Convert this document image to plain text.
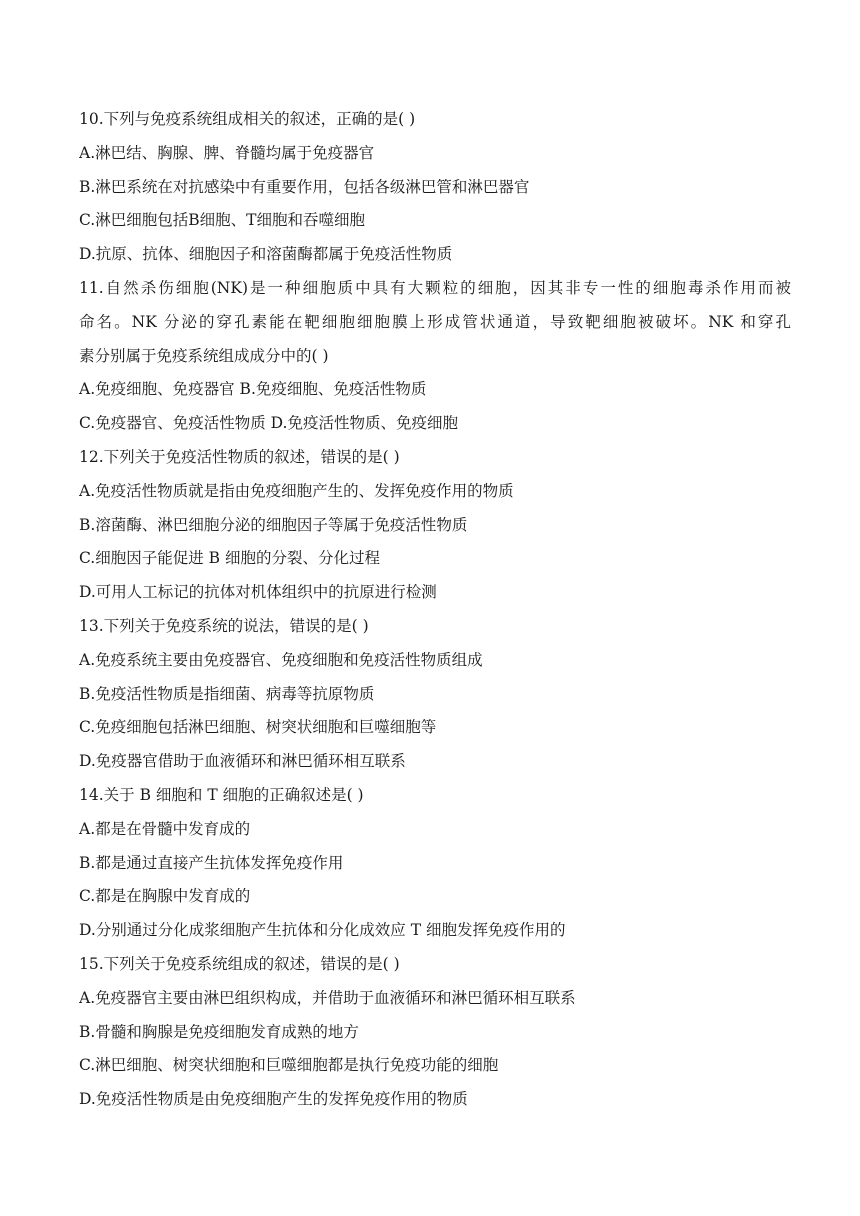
10.下列与免疫系统组成相关的叙述，正确的是( )
A.淋巴结、胸腺、脾、脊髓均属于免疫器官
B.淋巴系统在对抗感染中有重要作用，包括各级淋巴管和淋巴器官
C.淋巴细胞包括B细胞、T细胞和吞噬细胞
D.抗原、抗体、细胞因子和溶菌酶都属于免疫活性物质
11.自然杀伤细胞(NK)是一种细胞质中具有大颗粒的细胞，因其非专一性的细胞毒杀作用而被
命名。NK 分泌的穿孔素能在靶细胞细胞膜上形成管状通道，导致靶细胞被破坏。NK 和穿孔
素分别属于免疫系统组成成分中的( )
A.免疫细胞、免疫器官 B.免疫细胞、免疫活性物质
C.免疫器官、免疫活性物质 D.免疫活性物质、免疫细胞
12.下列关于免疫活性物质的叙述，错误的是( )
A.免疫活性物质就是指由免疫细胞产生的、发挥免疫作用的物质
B.溶菌酶、淋巴细胞分泌的细胞因子等属于免疫活性物质
C.细胞因子能促进 B 细胞的分裂、分化过程
D.可用人工标记的抗体对机体组织中的抗原进行检测
13.下列关于免疫系统的说法，错误的是( )
A.免疫系统主要由免疫器官、免疫细胞和免疫活性物质组成
B.免疫活性物质是指细菌、病毒等抗原物质
C.免疫细胞包括淋巴细胞、树突状细胞和巨噬细胞等
D.免疫器官借助于血液循环和淋巴循环相互联系
14.关于 B 细胞和 T 细胞的正确叙述是( )
A.都是在骨髓中发育成的
B.都是通过直接产生抗体发挥免疫作用
C.都是在胸腺中发育成的
D.分别通过分化成浆细胞产生抗体和分化成效应 T 细胞发挥免疫作用的
15.下列关于免疫系统组成的叙述，错误的是( )
A.免疫器官主要由淋巴组织构成，并借助于血液循环和淋巴循环相互联系
B.骨髓和胸腺是免疫细胞发育成熟的地方
C.淋巴细胞、树突状细胞和巨噬细胞都是执行免疫功能的细胞
D.免疫活性物质是由免疫细胞产生的发挥免疫作用的物质
